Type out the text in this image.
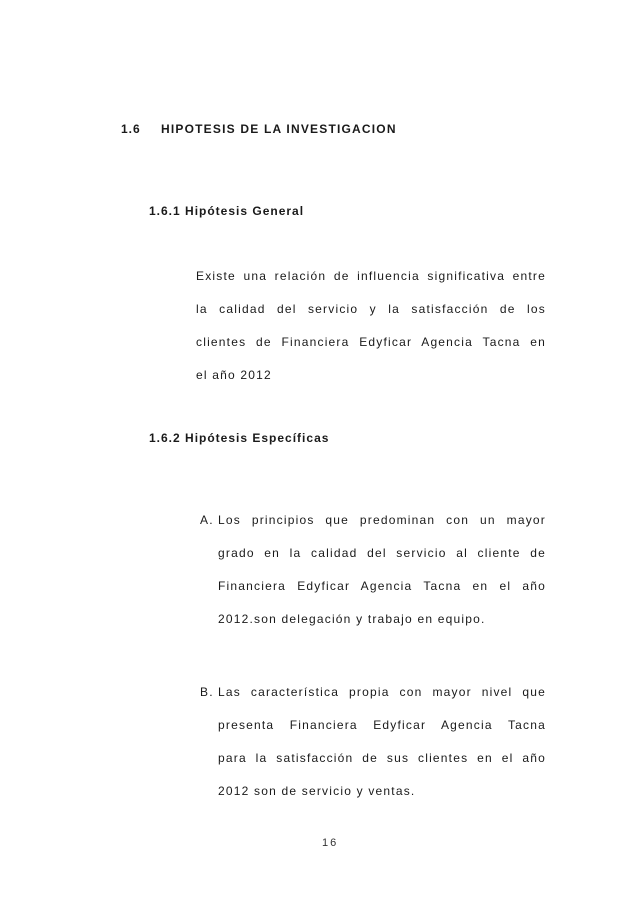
1.6 HIPOTESIS DE LA INVESTIGACION
1.6.1 Hipótesis General
Existe una relación de influencia significativa entre
la calidad del servicio y la satisfacción de los
clientes de Financiera Edyficar Agencia Tacna en
el año 2012
1.6.2 Hipótesis Específicas
A. Los principios que predominan con un mayor
grado en la calidad del servicio al cliente de
Financiera Edyficar Agencia Tacna en el año
2012.son delegación y trabajo en equipo.
B. Las característica propia con mayor nivel que
presenta Financiera Edyficar Agencia Tacna
para la satisfacción de sus clientes en el año
2012 son de servicio y ventas.
16
